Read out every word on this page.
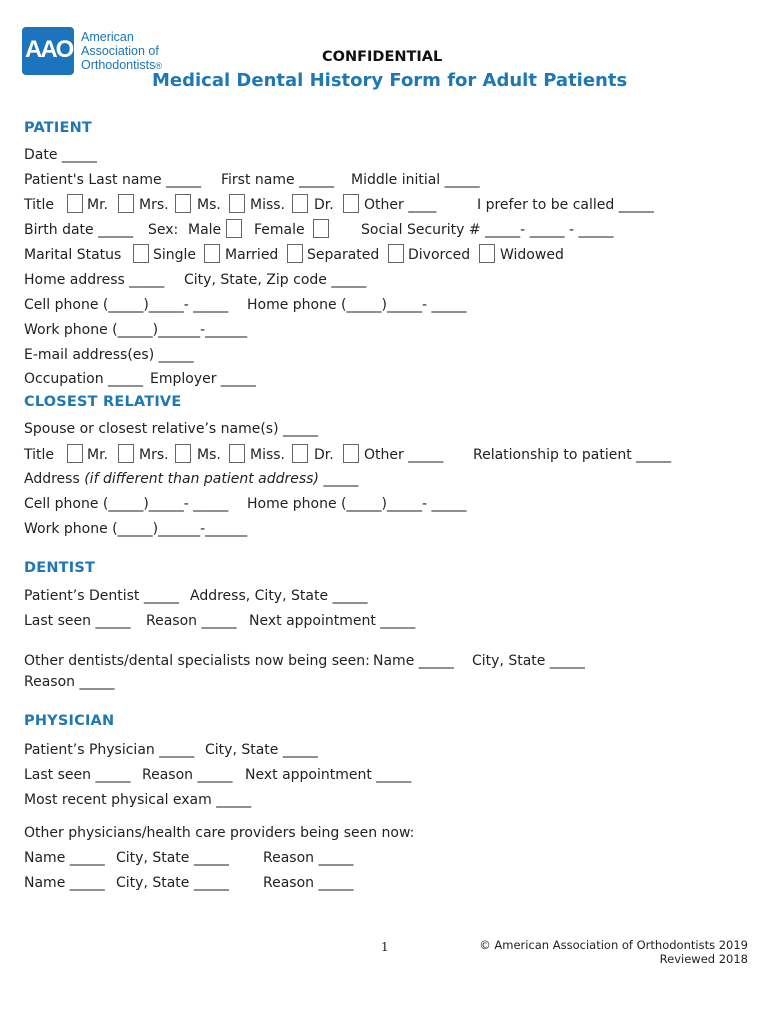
AAO American
Association of
Orthodontists®
CONFIDENTIAL
Medical Dental History Form for Adult Patients
PATIENT
Date _____
Patient's Last name _____ First name _____ Middle initial _____
Title Mr. Mrs. Ms. Miss. Dr. Other ____	I prefer to be called _____
Birth date _____ Sex: Male Female	Social Security # _____- _____ - _____
Marital Status Single Married Separated Divorced Widowed
Home address _____ City, State, Zip code _____
Cell phone (_____)_____- _____ Home phone (_____)_____- _____
Work phone (_____)______-______
E-mail address(es) _____
Occupation _____ Employer _____
CLOSEST RELATIVE
Spouse or closest relative’s name(s) _____
Title Mr. Mrs. Ms. Miss. Dr. Other _____ Relationship to patient _____
Address (if different than patient address) _____
Cell phone (_____)_____- _____ Home phone (_____)_____- _____
Work phone (_____)______-______
DENTIST
Patient’s Dentist _____ Address, City, State _____
Last seen _____ Reason _____ Next appointment _____
Other dentists/dental specialists now being seen: Name _____ City, State _____
Reason _____
PHYSICIAN
Patient’s Physician _____ City, State _____
Last seen _____ Reason _____ Next appointment _____
Most recent physical exam _____
Other physicians/health care providers being seen now:
Name _____ City, State _____ Reason _____
Name _____ City, State _____ Reason _____
1	© American Association of Orthodontists 2019
Reviewed 2018
